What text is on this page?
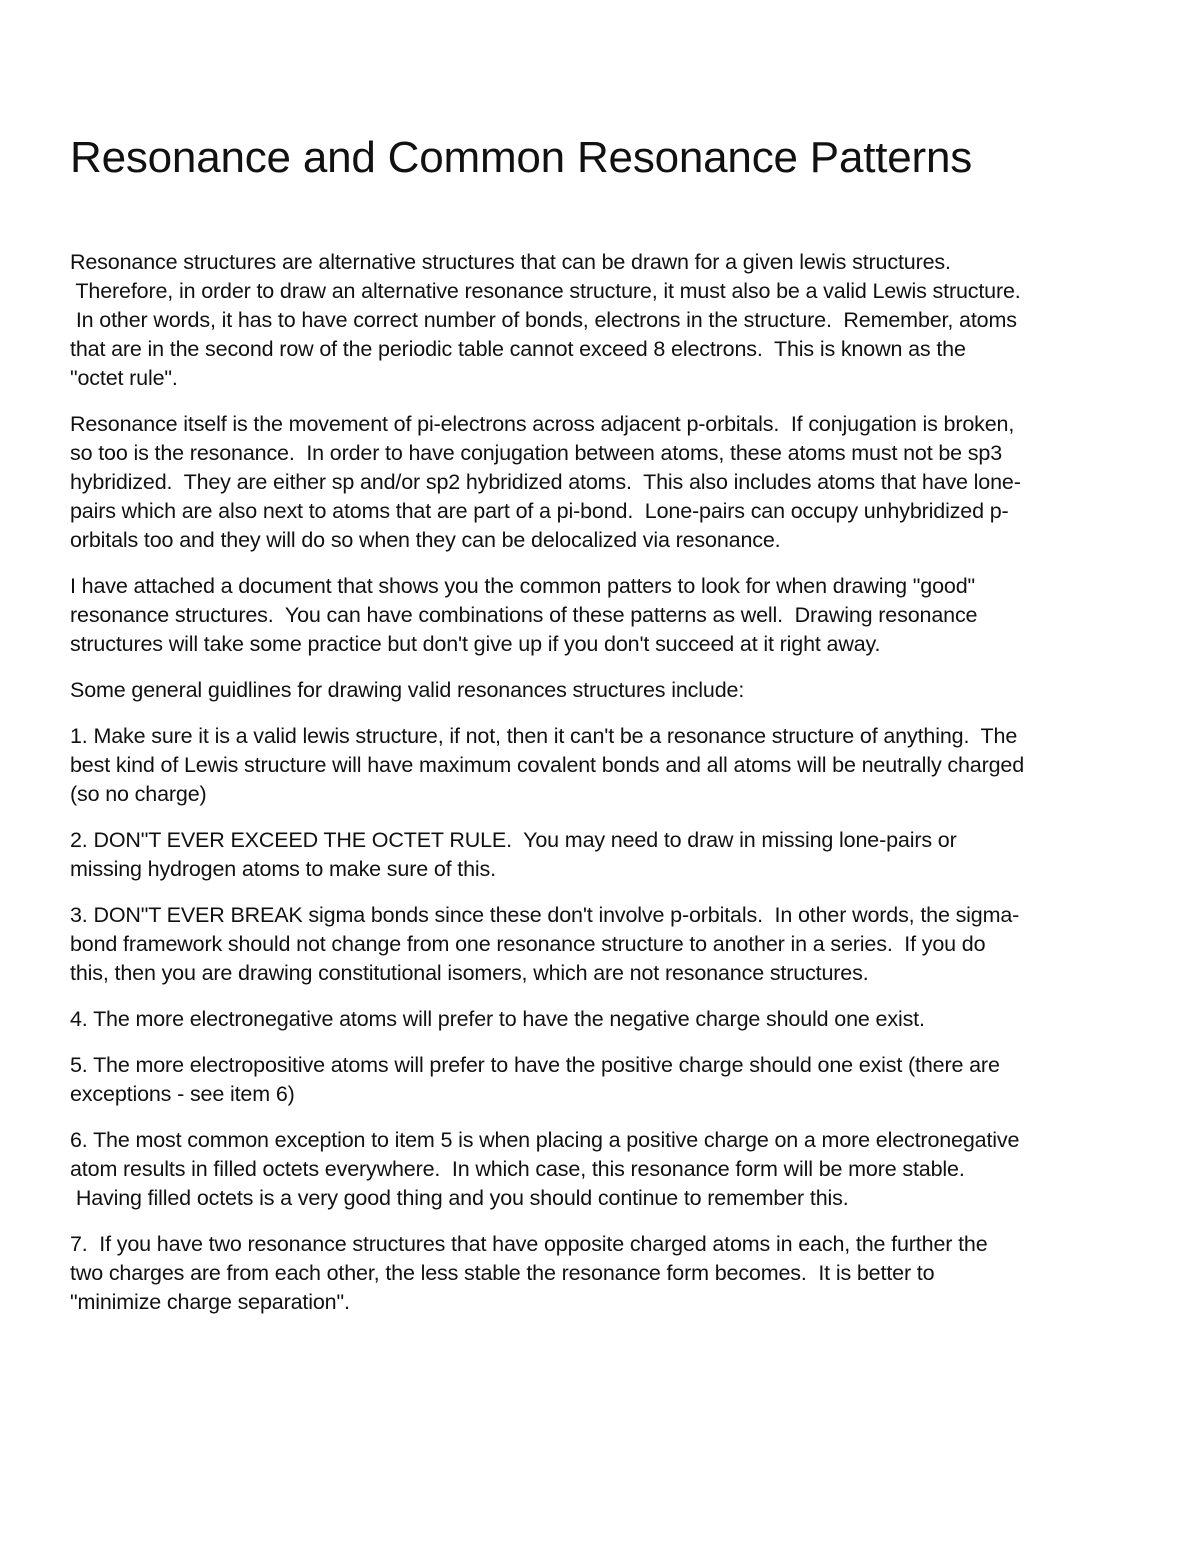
Resonance and Common Resonance Patterns
Resonance structures are alternative structures that can be drawn for a given lewis structures.
Therefore, in order to draw an alternative resonance structure, it must also be a valid Lewis structure.
In other words, it has to have correct number of bonds, electrons in the structure.  Remember, atoms
that are in the second row of the periodic table cannot exceed 8 electrons.  This is known as the
"octet rule".
Resonance itself is the movement of pi-electrons across adjacent p-orbitals.  If conjugation is broken,
so too is the resonance.  In order to have conjugation between atoms, these atoms must not be sp3
hybridized.  They are either sp and/or sp2 hybridized atoms.  This also includes atoms that have lone-
pairs which are also next to atoms that are part of a pi-bond.  Lone-pairs can occupy unhybridized p-
orbitals too and they will do so when they can be delocalized via resonance.
I have attached a document that shows you the common patters to look for when drawing "good"
resonance structures.  You can have combinations of these patterns as well.  Drawing resonance
structures will take some practice but don't give up if you don't succeed at it right away.
Some general guidlines for drawing valid resonances structures include:
1. Make sure it is a valid lewis structure, if not, then it can't be a resonance structure of anything.  The
best kind of Lewis structure will have maximum covalent bonds and all atoms will be neutrally charged
(so no charge)
2. DON"T EVER EXCEED THE OCTET RULE.  You may need to draw in missing lone-pairs or
missing hydrogen atoms to make sure of this.
3. DON"T EVER BREAK sigma bonds since these don't involve p-orbitals.  In other words, the sigma-
bond framework should not change from one resonance structure to another in a series.  If you do
this, then you are drawing constitutional isomers, which are not resonance structures.
4. The more electronegative atoms will prefer to have the negative charge should one exist.
5. The more electropositive atoms will prefer to have the positive charge should one exist (there are
exceptions - see item 6)
6. The most common exception to item 5 is when placing a positive charge on a more electronegative
atom results in filled octets everywhere.  In which case, this resonance form will be more stable.
Having filled octets is a very good thing and you should continue to remember this.
7.  If you have two resonance structures that have opposite charged atoms in each, the further the
two charges are from each other, the less stable the resonance form becomes.  It is better to
"minimize charge separation".
